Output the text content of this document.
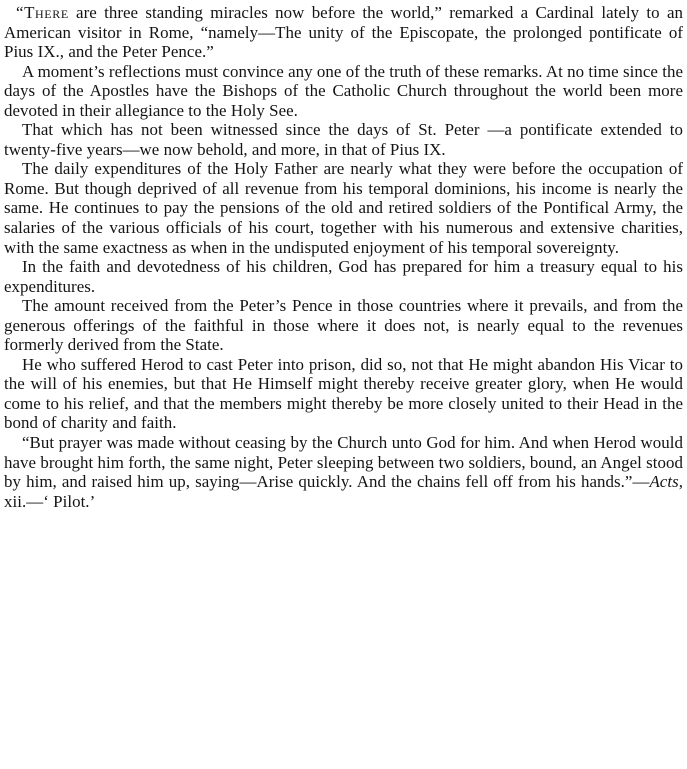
“There are three standing miracles now before the world,” remarked a Cardinal lately to an American visitor in Rome, “namely—The unity of the Episcopate, the prolonged pontificate of Pius IX., and the Peter Pence.”

A moment’s reflections must convince any one of the truth of these remarks. At no time since the days of the Apostles have the Bishops of the Catholic Church throughout the world been more devoted in their allegiance to the Holy See.

That which has not been witnessed since the days of St. Peter —a pontificate extended to twenty-five years—we now behold, and more, in that of Pius IX.

The daily expenditures of the Holy Father are nearly what they were before the occupation of Rome. But though deprived of all revenue from his temporal dominions, his income is nearly the same. He continues to pay the pensions of the old and retired soldiers of the Pontifical Army, the salaries of the various officials of his court, together with his numerous and extensive charities, with the same exactness as when in the undisputed enjoyment of his temporal sovereignty.

In the faith and devotedness of his children, God has prepared for him a treasury equal to his expenditures.

The amount received from the Peter’s Pence in those countries where it prevails, and from the generous offerings of the faithful in those where it does not, is nearly equal to the revenues formerly derived from the State.

He who suffered Herod to cast Peter into prison, did so, not that He might abandon His Vicar to the will of his enemies, but that He Himself might thereby receive greater glory, when He would come to his relief, and that the members might thereby be more closely united to their Head in the bond of charity and faith.

“But prayer was made without ceasing by the Church unto God for him. And when Herod would have brought him forth, the same night, Peter sleeping between two soldiers, bound, an Angel stood by him, and raised him up, saying—Arise quickly. And the chains fell off from his hands.”—Acts, xii.—‘ Pilot.’
